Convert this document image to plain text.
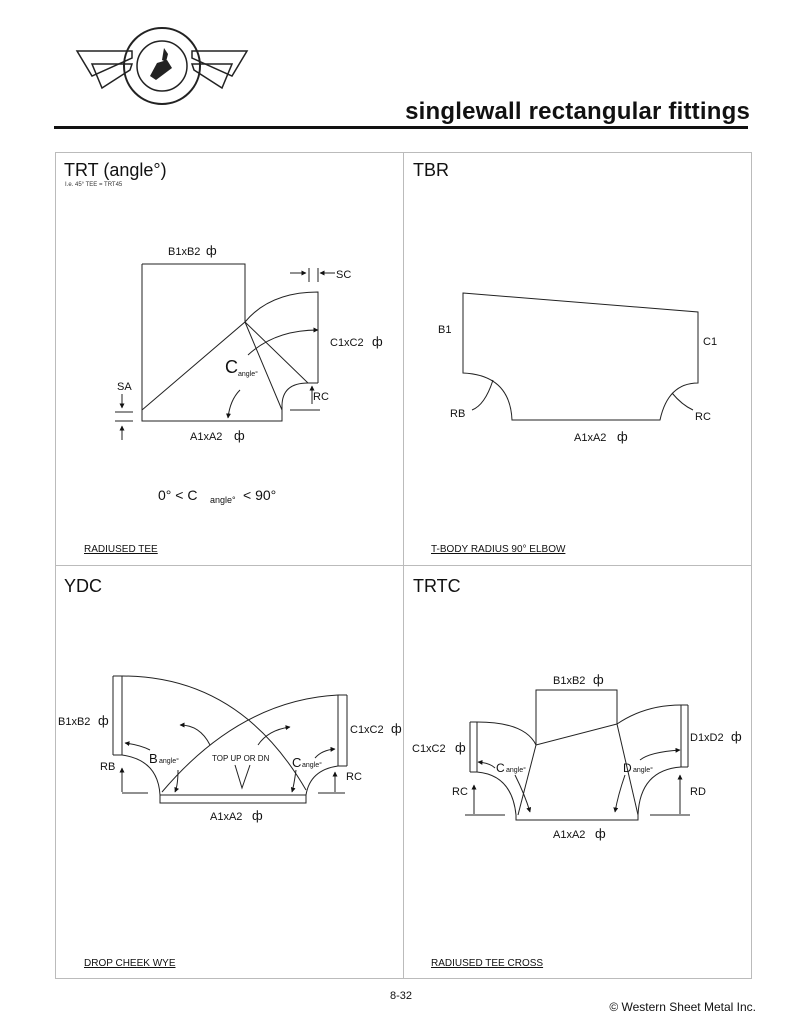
singlewall rectangular fittings
TRT (angle°)
I.e. 45° TEE = TRT45
TBR
YDC	TRTC
RADIUSED TEE	T-BODY RADIUS 90° ELBOW
DROP CHEEK WYE	RADIUSED TEE CROSS
B1xB2
C1xC2
A1xA2
SA
SC
RC
C angle°
ф
ф
ф
0° < C angle° < 90°
B1
C1
A1xA2 ф
RB	RC
B1xB2 ф
C1xC2 ф
A1xA2 ф
RB
RC
B angle°	C angle°
TOP UP OR DN
B1xB2 ф
C1xC2 ф
D1xD2 ф
A1xA2 ф
RC	RD
C angle°	D angle°
8-32
© Western Sheet Metal Inc.
